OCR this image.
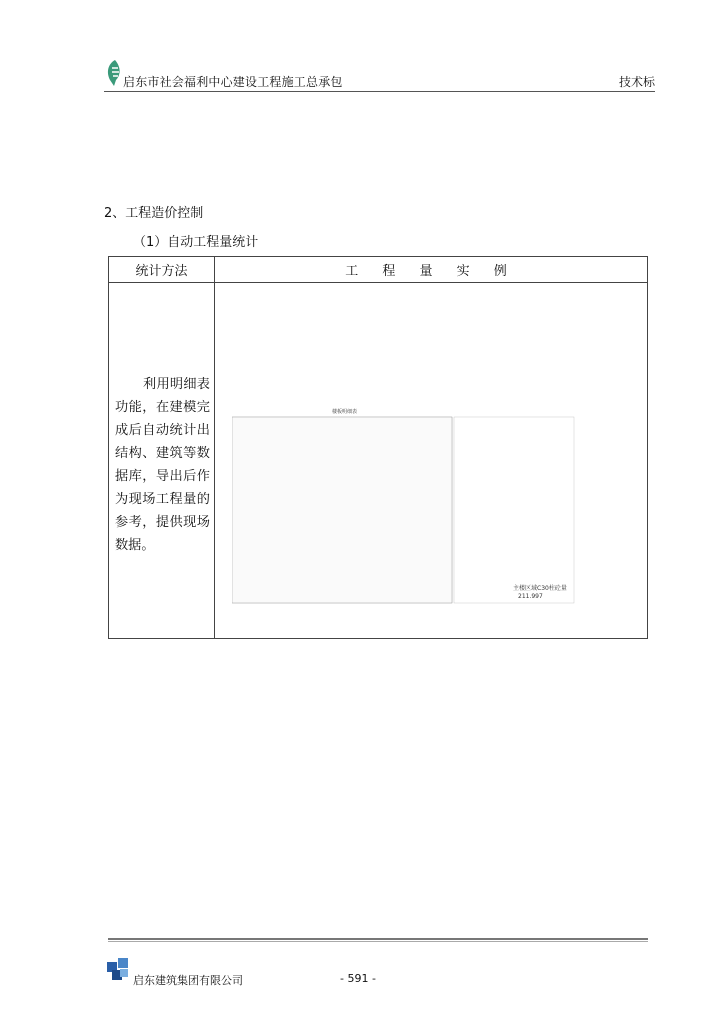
启东市社会福利中心建设工程施工总承包	技术标
2、工程造价控制
（1）自动工程量统计
统计方法	工 程 量 实 例
利用明细表功能，在建模完成后自动统计出结构、建筑等数据库，导出后作为现场工程量的参考，提供现场数据。	楼板明细表
主楼区域C30柱砼量
211.997
启东建筑集团有限公司	- 591 -
